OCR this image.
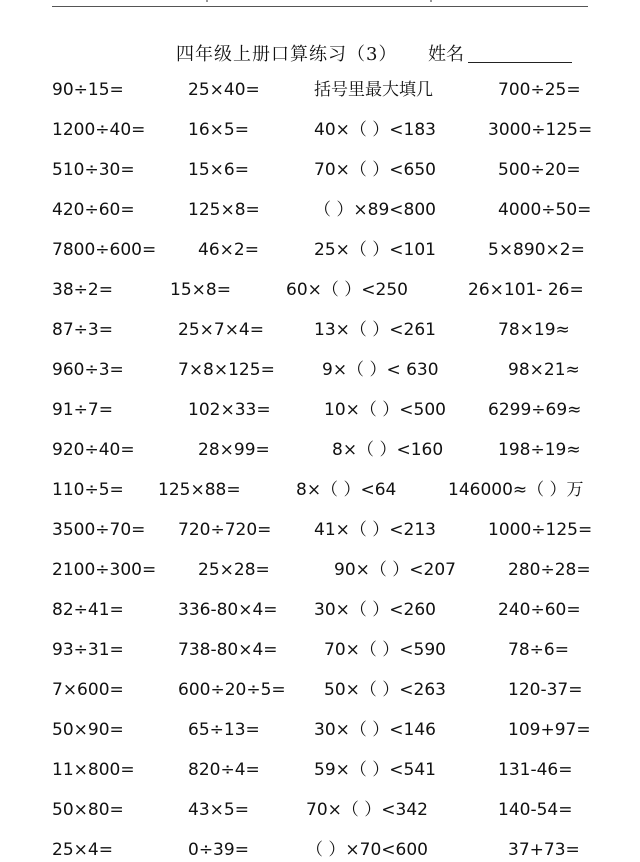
四年级上册口算练习（3） 姓名
90÷15=	25×40=	括号里最大填几	700÷25=
1200÷40=	16×5=	40×（ ）<183	3000÷125=
510÷30=	15×6=	70×（ ）<650	500÷20=
420÷60=	125×8=	（ ）×89<800	4000÷50=
7800÷600= 46×2=	25×（ ）<101	5×890×2=
38÷2=	15×8=	60×（ ）<250	26×101- 26=
87÷3=	25×7×4=	13×（ ）<261	78×19≈
960÷3=	7×8×125=	9×（ ）< 630	98×21≈
91÷7=	102×33=	10×（ ）<500 6299÷69≈
920÷40=	28×99=	8×（ ）<160	198÷19≈
110÷5= 125×88=	8×（ ）<64	146000≈（ ）万
3500÷70= 720÷720=	41×（ ）<213	1000÷125=
2100÷300= 25×28=	90×（ ）<207	280÷28=
82÷41=	336-80×4= 30×（ ）<260	240÷60=
93÷31=	738-80×4=	70×（ ）<590	78÷6=
7×600=	600÷20÷5= 50×（ ）<263	120-37=
50×90=	65÷13=	30×（ ）<146	109+97=
11×800=	820÷4=	59×（ ）<541	131-46=
50×80=	43×5=	70×（ ）<342	140-54=
25×4=	0÷39=	（ ）×70<600	37+73=
